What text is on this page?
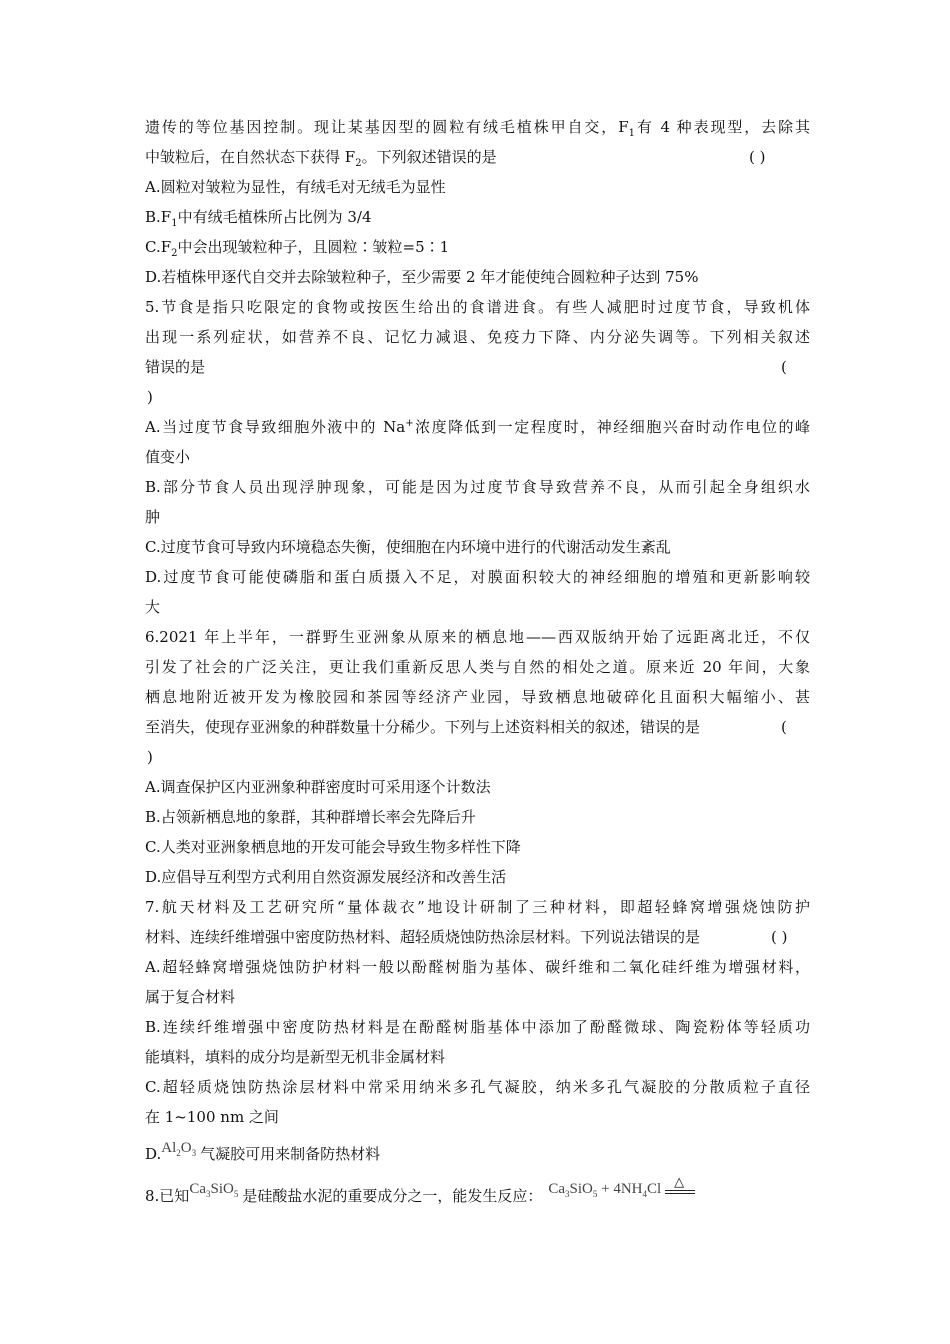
遗传的等位基因控制。现让某基因型的圆粒有绒毛植株甲自交，$F_1$有 4 种表现型，去除其
中皱粒后，在自然状态下获得 $F_2$。下列叙述错误的是	( )
A.圆粒对皱粒为显性，有绒毛对无绒毛为显性
$B.F_1$中有绒毛植株所占比例为 3/4
$C.F_2$中会出现皱粒种子，且圆粒∶皱粒=5∶1
D.若植株甲逐代自交并去除皱粒种子，至少需要 2 年才能使纯合圆粒种子达到 75%
5.节食是指只吃限定的食物或按医生给出的食谱进食。有些人减肥时过度节食，导致机体
出现一系列症状，如营养不良、记忆力减退、免疫力下降、内分泌失调等。下列相关叙述
错误的是	(
)
A.当过度节食导致细胞外液中的 Na+浓度降低到一定程度时，神经细胞兴奋时动作电位的峰
值变小
B.部分节食人员出现浮肿现象，可能是因为过度节食导致营养不良，从而引起全身组织水
肿
C.过度节食可导致内环境稳态失衡，使细胞在内环境中进行的代谢活动发生紊乱
D.过度节食可能使磷脂和蛋白质摄入不足，对膜面积较大的神经细胞的增殖和更新影响较
大
6.2021 年上半年，一群野生亚洲象从原来的栖息地——西双版纳开始了远距离北迁，不仅
引发了社会的广泛关注，更让我们重新反思人类与自然的相处之道。原来近 20 年间，大象
栖息地附近被开发为橡胶园和茶园等经济产业园，导致栖息地破碎化且面积大幅缩小、甚
至消失，使现存亚洲象的种群数量十分稀少。下列与上述资料相关的叙述，错误的是	(
)
A.调查保护区内亚洲象种群密度时可采用逐个计数法
B.占领新栖息地的象群，其种群增长率会先降后升
C.人类对亚洲象栖息地的开发可能会导致生物多样性下降
D.应倡导互利型方式利用自然资源发展经济和改善生活
7.航天材料及工艺研究所“量体裁衣”地设计研制了三种材料，即超轻蜂窝增强烧蚀防护
材料、连续纤维增强中密度防热材料、超轻质烧蚀防热涂层材料。下列说法错误的是	( )
A.超轻蜂窝增强烧蚀防护材料一般以酚醛树脂为基体、碳纤维和二氧化硅纤维为增强材料，
属于复合材料
B.连续纤维增强中密度防热材料是在酚醛树脂基体中添加了酚醛微球、陶瓷粉体等轻质功
能填料，填料的成分均是新型无机非金属材料
C.超轻质烧蚀防热涂层材料中常采用纳米多孔气凝胶，纳米多孔气凝胶的分散质粒子直径
在 1~100 nm 之间
$D.Al_2O_3$ 气凝胶可用来制备防热材料
8.已知$Ca_3SiO_5$ 是硅酸盐水泥的重要成分之一，能发生反应： $Ca_3SiO_5 + 4NH_4Cl$ △
